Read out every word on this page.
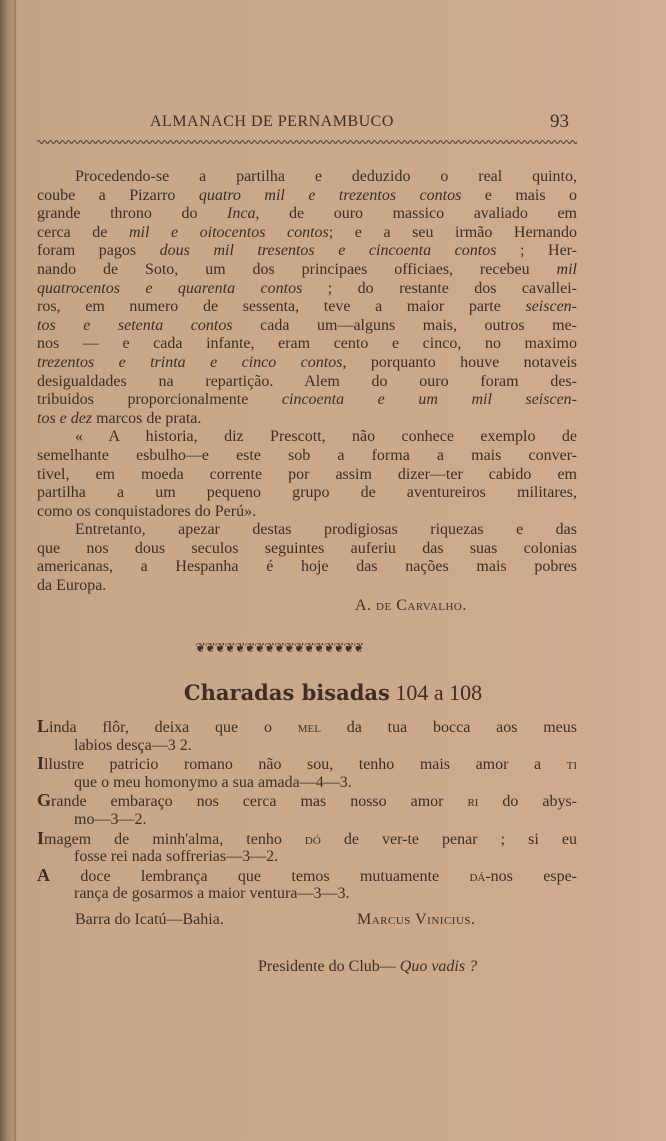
ALMANACH DE PERNAMBUCO	93
Procedendo-se a partilha e deduzido o real quinto,
coube a Pizarro quatro mil e trezentos contos e mais o
grande throno do Inca, de ouro massico avaliado em
cerca de mil e oitocentos contos; e a seu irmão Hernando
foram pagos dous mil tresentos e cincoenta contos ; Her-
nando de Soto, um dos principaes officiaes, recebeu mil
quatrocentos e quarenta contos ; do restante dos cavallei-
ros, em numero de sessenta, teve a maior parte seiscen-
tos e setenta contos cada um—alguns mais, outros me-
nos — e cada infante, eram cento e cinco, no maximo
trezentos e trinta e cinco contos, porquanto houve notaveis
desigualdades na repartição. Alem do ouro foram des-
tribuidos proporcionalmente cincoenta e um mil seiscen-
tos e dez marcos de prata.
« A historia, diz Prescott, não conhece exemplo de
semelhante esbulho—e este sob a forma a mais conver-
tivel, em moeda corrente por assim dizer—ter cabido em
partilha a um pequeno grupo de aventureiros militares,
como os conquistadores do Perú».
Entretanto, apezar destas prodigiosas riquezas e das
que nos dous seculos seguintes auferiu das suas colonias
americanas, a Hespanha é hoje das nações mais pobres
da Europa.
A. de Carvalho.
❦❦❦❦❦❦❦❦❦❦❦❦❦❦❦❦❦
Charadas bisadas 104 a 108
Linda flôr, deixa que o mel da tua bocca aos meus
labios desça—3 2.
Illustre patricio romano não sou, tenho mais amor a ti
que o meu homonymo a sua amada—4—3.
Grande embaraço nos cerca mas nosso amor ri do abys-
mo—3—2.
Imagem de minh'alma, tenho dó de ver-te penar ; si eu
fosse rei nada soffrerias—3—2.
A doce lembrança que temos mutuamente dá-nos espe-
rança de gosarmos a maior ventura—3—3.
Barra do Icatú—Bahia.	Marcus Vinicius.
Presidente do Club— Quo vadis ?
